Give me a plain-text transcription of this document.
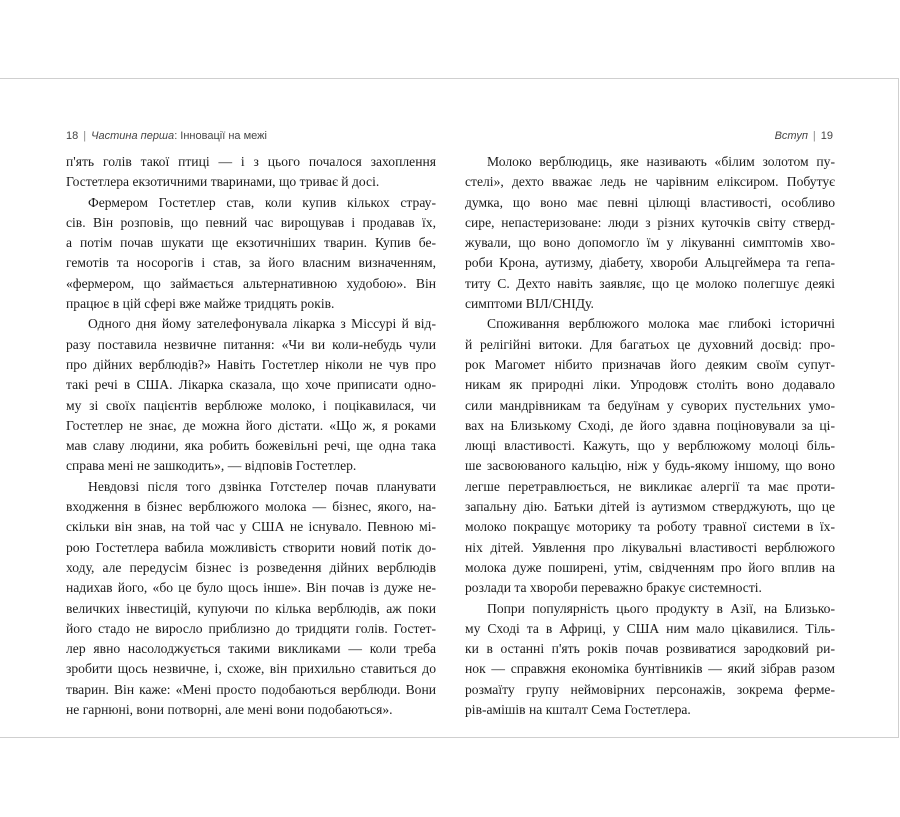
18 | Частина перша: Інновації на межі	Вступ | 19
п'ять голів такої птиці — і з цього почалося захоплення
Гостетлера екзотичними тваринами, що триває й досі.
Фермером Гостетлер став, коли купив кількох страу-
сів. Він розповів, що певний час вирощував і продавав їх,
а потім почав шукати ще екзотичніших тварин. Купив бе-
гемотів та носорогів і став, за його власним визначенням,
«фермером, що займається альтернативною худобою». Він
працює в цій сфері вже майже тридцять років.
Одного дня йому зателефонувала лікарка з Міссурі й від-
разу поставила незвичне питання: «Чи ви коли-небудь чули
про дійних верблюдів?» Навіть Гостетлер ніколи не чув про
такі речі в США. Лікарка сказала, що хоче приписати одно-
му зі своїх пацієнтів верблюже молоко, і поцікавилася, чи
Гостетлер не знає, де можна його дістати. «Що ж, я роками
мав славу людини, яка робить божевільні речі, ще одна така
справа мені не зашкодить», — відповів Гостетлер.
Невдовзі після того дзвінка Готстелер почав планувати
входження в бізнес верблюжого молока — бізнес, якого, на-
скільки він знав, на той час у США не існувало. Певною мі-
рою Гостетлера вабила можливість створити новий потік до-
ходу, але передусім бізнес із розведення дійних верблюдів
надихав його, «бо це було щось інше». Він почав із дуже не-
величких інвестицій, купуючи по кілька верблюдів, аж поки
його стадо не виросло приблизно до тридцяти голів. Гостет-
лер явно насолоджується такими викликами — коли треба
зробити щось незвичне, і, схоже, він прихильно ставиться до
тварин. Він каже: «Мені просто подобаються верблюди. Вони
не гарнюні, вони потворні, але мені вони подобаються».
Молоко верблюдиць, яке називають «білим золотом пу-
стелі», дехто вважає ледь не чарівним еліксиром. Побутує
думка, що воно має певні цілющі властивості, особливо
сире, непастеризоване: люди з різних куточків світу стверд-
жували, що воно допомогло їм у лікуванні симптомів хво-
роби Крона, аутизму, діабету, хвороби Альцгеймера та гепа-
титу С. Дехто навіть заявляє, що це молоко полегшує деякі
симптоми ВІЛ/СНІДу.
Споживання верблюжого молока має глибокі історичні
й релігійні витоки. Для багатьох це духовний досвід: про-
рок Магомет нібито призначав його деяким своїм супут-
никам як природні ліки. Упродовж століть воно додавало
сили мандрівникам та бедуїнам у суворих пустельних умо-
вах на Близькому Сході, де його здавна поціновували за ці-
лющі властивості. Кажуть, що у верблюжому молоці біль-
ше засвоюваного кальцію, ніж у будь-якому іншому, що воно
легше перетравлюється, не викликає алергії та має проти-
запальну дію. Батьки дітей із аутизмом стверджують, що це
молоко покращує моторику та роботу травної системи в їх-
ніх дітей. Уявлення про лікувальні властивості верблюжого
молока дуже поширені, утім, свідченням про його вплив на
розлади та хвороби переважно бракує системності.
Попри популярність цього продукту в Азії, на Близько-
му Сході та в Африці, у США ним мало цікавилися. Тіль-
ки в останні п'ять років почав розвиватися зародковий ри-
нок — справжня економіка бунтівників — який зібрав разом
розмаїту групу неймовірних персонажів, зокрема ферме-
рів-амішів на кшталт Сема Гостетлера.
